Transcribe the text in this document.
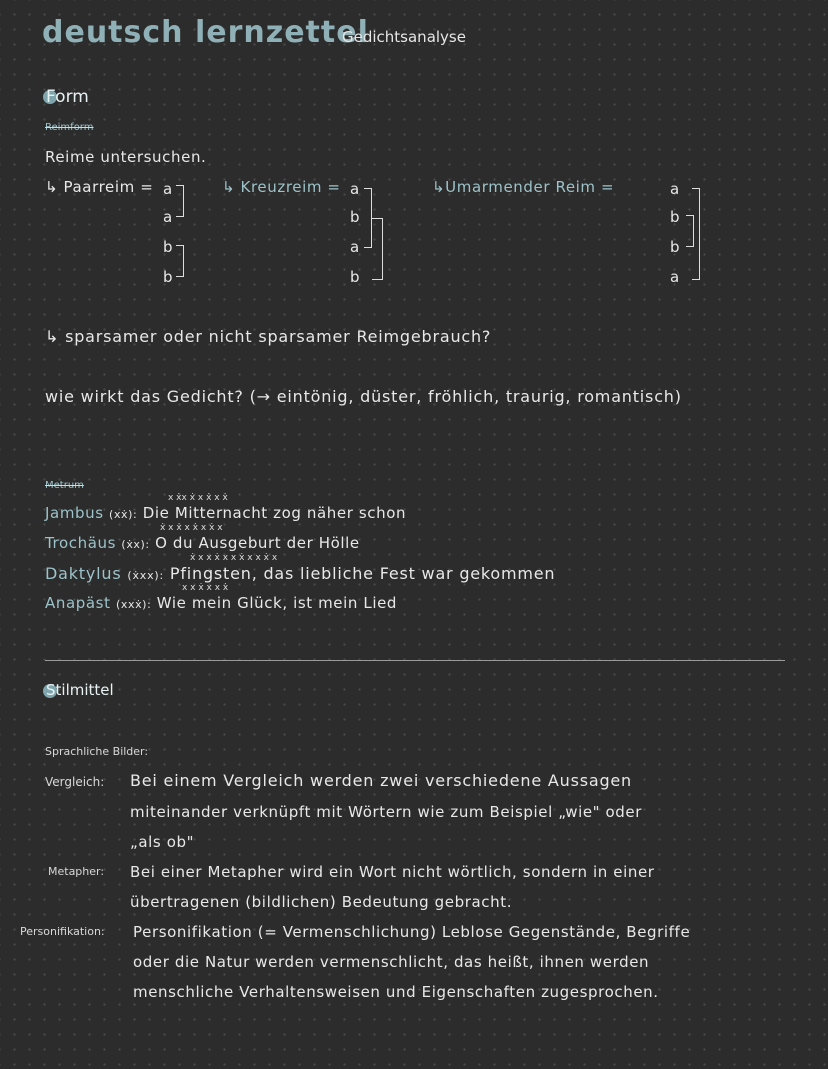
deutsch lernzettel
Gedichtsanalyse
Form
Reimform
Reime untersuchen.
↳ Paarreim =	↳ Kreuzreim =	↳Umarmender Reim =
a
a
b
b
a
b
a
b
a
b
b
a
↳ sparsamer oder nicht sparsamer Reimgebrauch?
wie wirkt das Gedicht? (→ eintönig, düster, fröhlich, traurig, romantisch)
Metrum
x ẋx ẋ x ẋ x ẋ
Jambus (xẋ): Die Mitternacht zog näher schon
ẋ x ẋ x ẋ x ẋ x
Trochäus (ẋx): O du Ausgeburt der Hölle
ẋ x x ẋ x x ẋ x x ẋ x
Daktylus (ẋxx): Pfingsten, das liebliche Fest war gekommen
x x ẋ x x ẋ
Anapäst (xxẋ): Wie mein Glück, ist mein Lied
Stilmittel
Sprachliche Bilder:
Vergleich: Bei einem Vergleich werden zwei verschiedene Aussagen
miteinander verknüpft mit Wörtern wie zum Beispiel „wie" oder
„als ob"
Metapher: Bei einer Metapher wird ein Wort nicht wörtlich, sondern in einer
übertragenen (bildlichen) Bedeutung gebracht.
Personifikation: Personifikation (= Vermenschlichung) Leblose Gegenstände, Begriffe
oder die Natur werden vermenschlicht, das heißt, ihnen werden
menschliche Verhaltensweisen und Eigenschaften zugesprochen.
